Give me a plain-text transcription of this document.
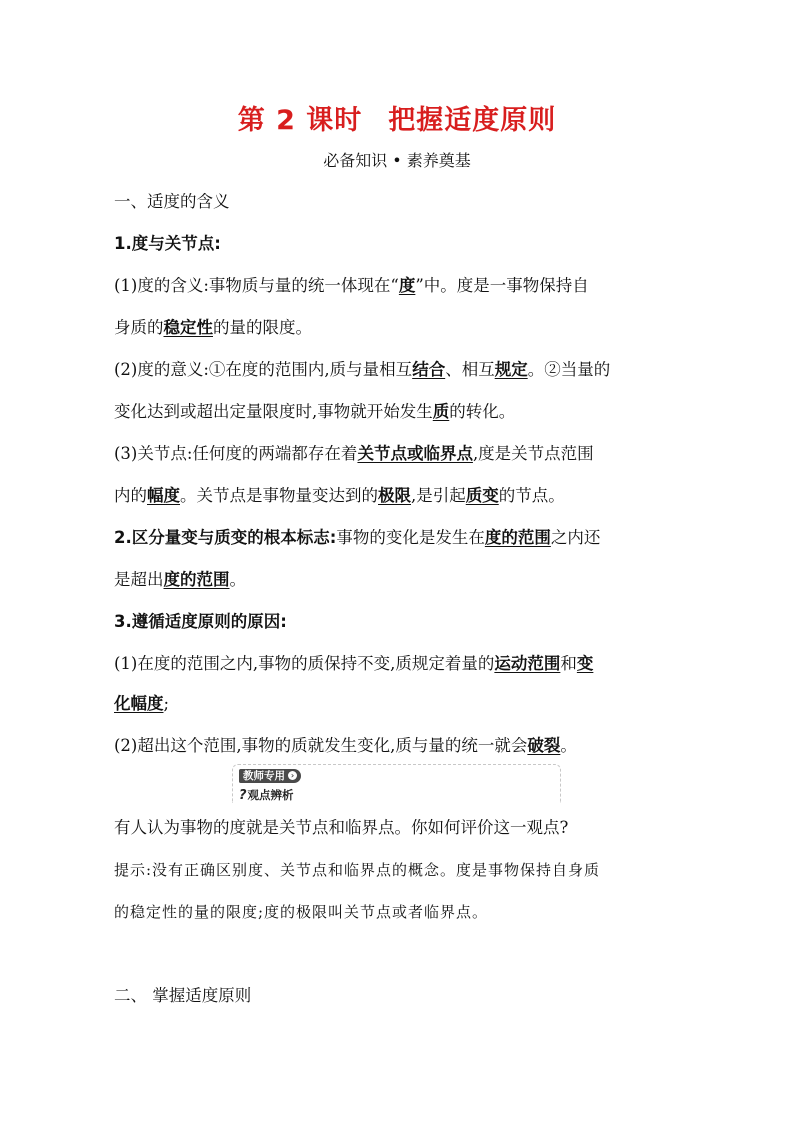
第 2 课时 把握适度原则
必备知识 • 素养奠基
一、适度的含义
1.度与关节点:
(1)度的含义:事物质与量的统一体现在“度”中。度是一事物保持自
身质的稳定性的量的限度。
(2)度的意义:①在度的范围内,质与量相互结合、相互规定。②当量的
变化达到或超出定量限度时,事物就开始发生质的转化。
(3)关节点:任何度的两端都存在着关节点或临界点,度是关节点范围
内的幅度。关节点是事物量变达到的极限,是引起质变的节点。
2.区分量变与质变的根本标志:事物的变化是发生在度的范围之内还
是超出度的范围。
3.遵循适度原则的原因:
(1)在度的范围之内,事物的质保持不变,质规定着量的运动范围和变
化幅度;
(2)超出这个范围,事物的质就发生变化,质与量的统一就会破裂。
教师专用 ›
?观点辨析
有人认为事物的度就是关节点和临界点。你如何评价这一观点?
提示:没有正确区别度、关节点和临界点的概念。度是事物保持自身质
的稳定性的量的限度;度的极限叫关节点或者临界点。
二、 掌握适度原则
